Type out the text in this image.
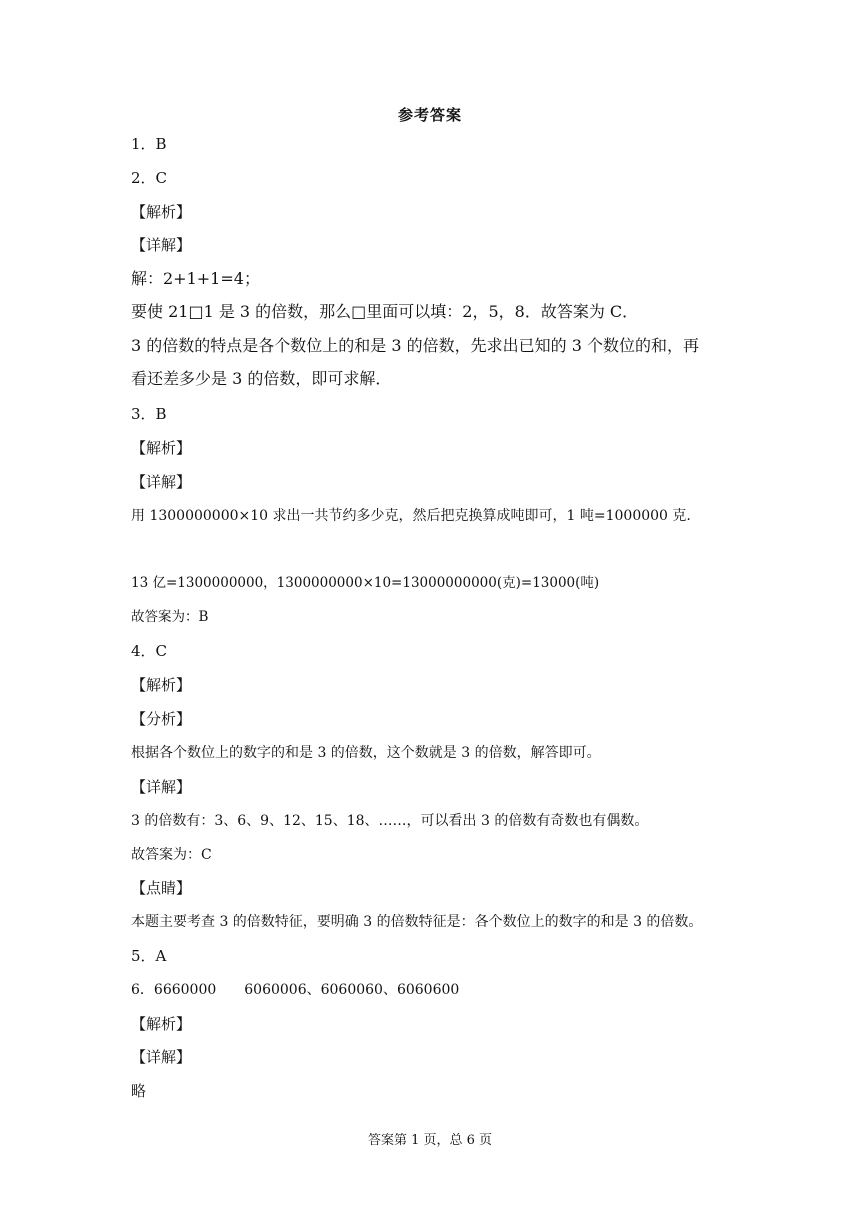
参考答案
1．B
2．C
【解析】
【详解】
解：2+1+1=4；
要使 21□1 是 3 的倍数，那么□里面可以填：2，5，8．故答案为 C．
3 的倍数的特点是各个数位上的和是 3 的倍数，先求出已知的 3 个数位的和，再
看还差多少是 3 的倍数，即可求解．
3．B
【解析】
【详解】
用 1300000000×10 求出一共节约多少克，然后把克换算成吨即可，1 吨=1000000 克.
13 亿=1300000000，1300000000×10=13000000000(克)=13000(吨)
故答案为：B
4．C
【解析】
【分析】
根据各个数位上的数字的和是 3 的倍数，这个数就是 3 的倍数，解答即可。
【详解】
3 的倍数有：3、6、9、12、15、18、……，可以看出 3 的倍数有奇数也有偶数。
故答案为：C
【点睛】
本题主要考查 3 的倍数特征，要明确 3 的倍数特征是：各个数位上的数字的和是 3 的倍数。
5．A
6．6660000　　6060006、6060060、6060600
【解析】
【详解】
略
答案第 1 页，总 6 页
